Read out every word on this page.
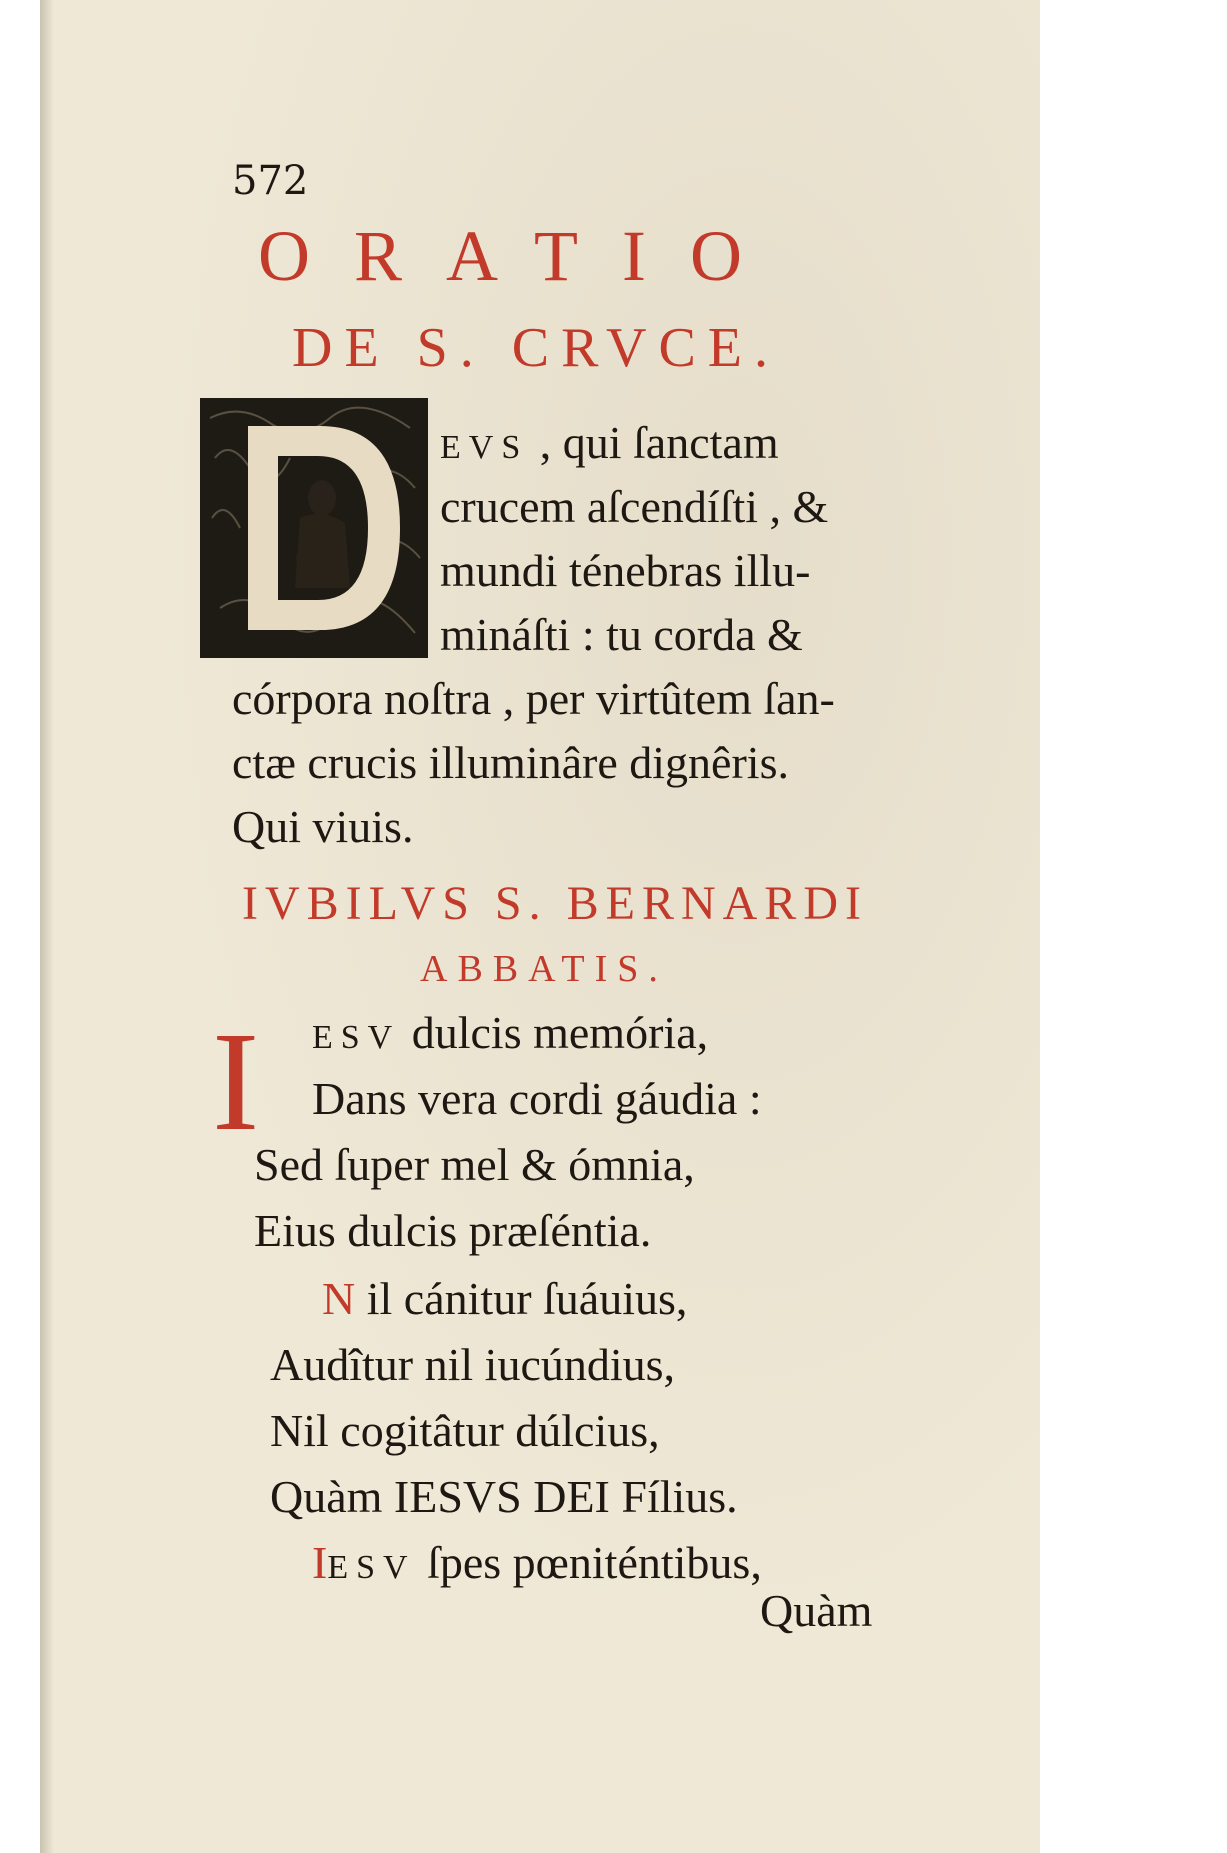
572
ORATIO
DE S. CRVCE.
EVS , qui ſanctam
crucem aſcendíſti , &
mundi ténebras illu-
mináſti : tu corda &
córpora noſtra , per virtûtem ſan-
ctæ crucis illuminâre dignêris.
Qui viuis.
IVBILVS S. BERNARDI
ABBATIS.
I ESV dulcis memória,
Dans vera cordi gáudia :
Sed ſuper mel & ómnia,
Eius dulcis præſéntia.
N il cánitur ſuáuius,
Audîtur nil iucúndius,
Nil cogitâtur dúlcius,
Quàm IESVS DEI Fílius.
IESV ſpes pœniténtibus,
Quàm
